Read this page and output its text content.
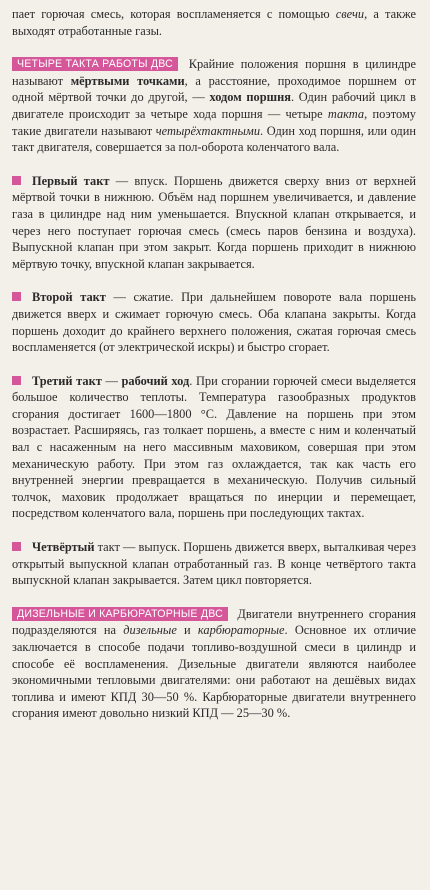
пает горючая смесь, которая воспламеняется с помощью свечи, а также выходят отработанные газы.

ЧЕТЫРЕ ТАКТА РАБОТЫ ДВС Крайние положения поршня в цилиндре называют мёртвыми точками, а расстояние, проходимое поршнем от одной мёртвой точки до другой, — ходом поршня. Один рабочий цикл в двигателе происходит за четыре хода поршня — четыре такта, поэтому такие двигатели называют четырёхтактными. Один ход поршня, или один такт двигателя, совершается за пол-оборота коленчатого вала.

Первый такт — впуск. Поршень движется сверху вниз от верхней мёртвой точки в нижнюю. Объём над поршнем увеличивается, и давление газа в цилиндре над ним уменьшается. Впускной клапан открывается, и через него поступает горючая смесь (смесь паров бензина и воздуха). Выпускной клапан при этом закрыт. Когда поршень приходит в нижнюю мёртвую точку, впускной клапан закрывается.

Второй такт — сжатие. При дальнейшем повороте вала поршень движется вверх и сжимает горючую смесь. Оба клапана закрыты. Когда поршень доходит до крайнего верхнего положения, сжатая горючая смесь воспламеняется (от электрической искры) и быстро сгорает.

Третий такт — рабочий ход. При сгорании горючей смеси выделяется большое количество теплоты. Температура газообразных продуктов сгорания достигает 1600—1800 °С. Давление на поршень при этом возрастает. Расширяясь, газ толкает поршень, а вместе с ним и коленчатый вал с насаженным на него массивным маховиком, совершая при этом механическую работу. При этом газ охлаждается, так как часть его внутренней энергии превращается в механическую. Получив сильный толчок, маховик продолжает вращаться по инерции и перемещает, посредством коленчатого вала, поршень при последующих тактах.

Четвёртый такт — выпуск. Поршень движется вверх, выталкивая через открытый выпускной клапан отработанный газ. В конце четвёртого такта выпускной клапан закрывается. Затем цикл повторяется.

ДИЗЕЛЬНЫЕ И КАРБЮРАТОРНЫЕ ДВС Двигатели внутреннего сгорания подразделяются на дизельные и карбюраторные. Основное их отличие заключается в способе подачи топливо-воздушной смеси в цилиндр и способе её воспламенения. Дизельные двигатели являются наиболее экономичными тепловыми двигателями: они работают на дешёвых видах топлива и имеют КПД 30—50 %. Карбюраторные двигатели внутреннего сгорания имеют довольно низкий КПД — 25—30 %.
